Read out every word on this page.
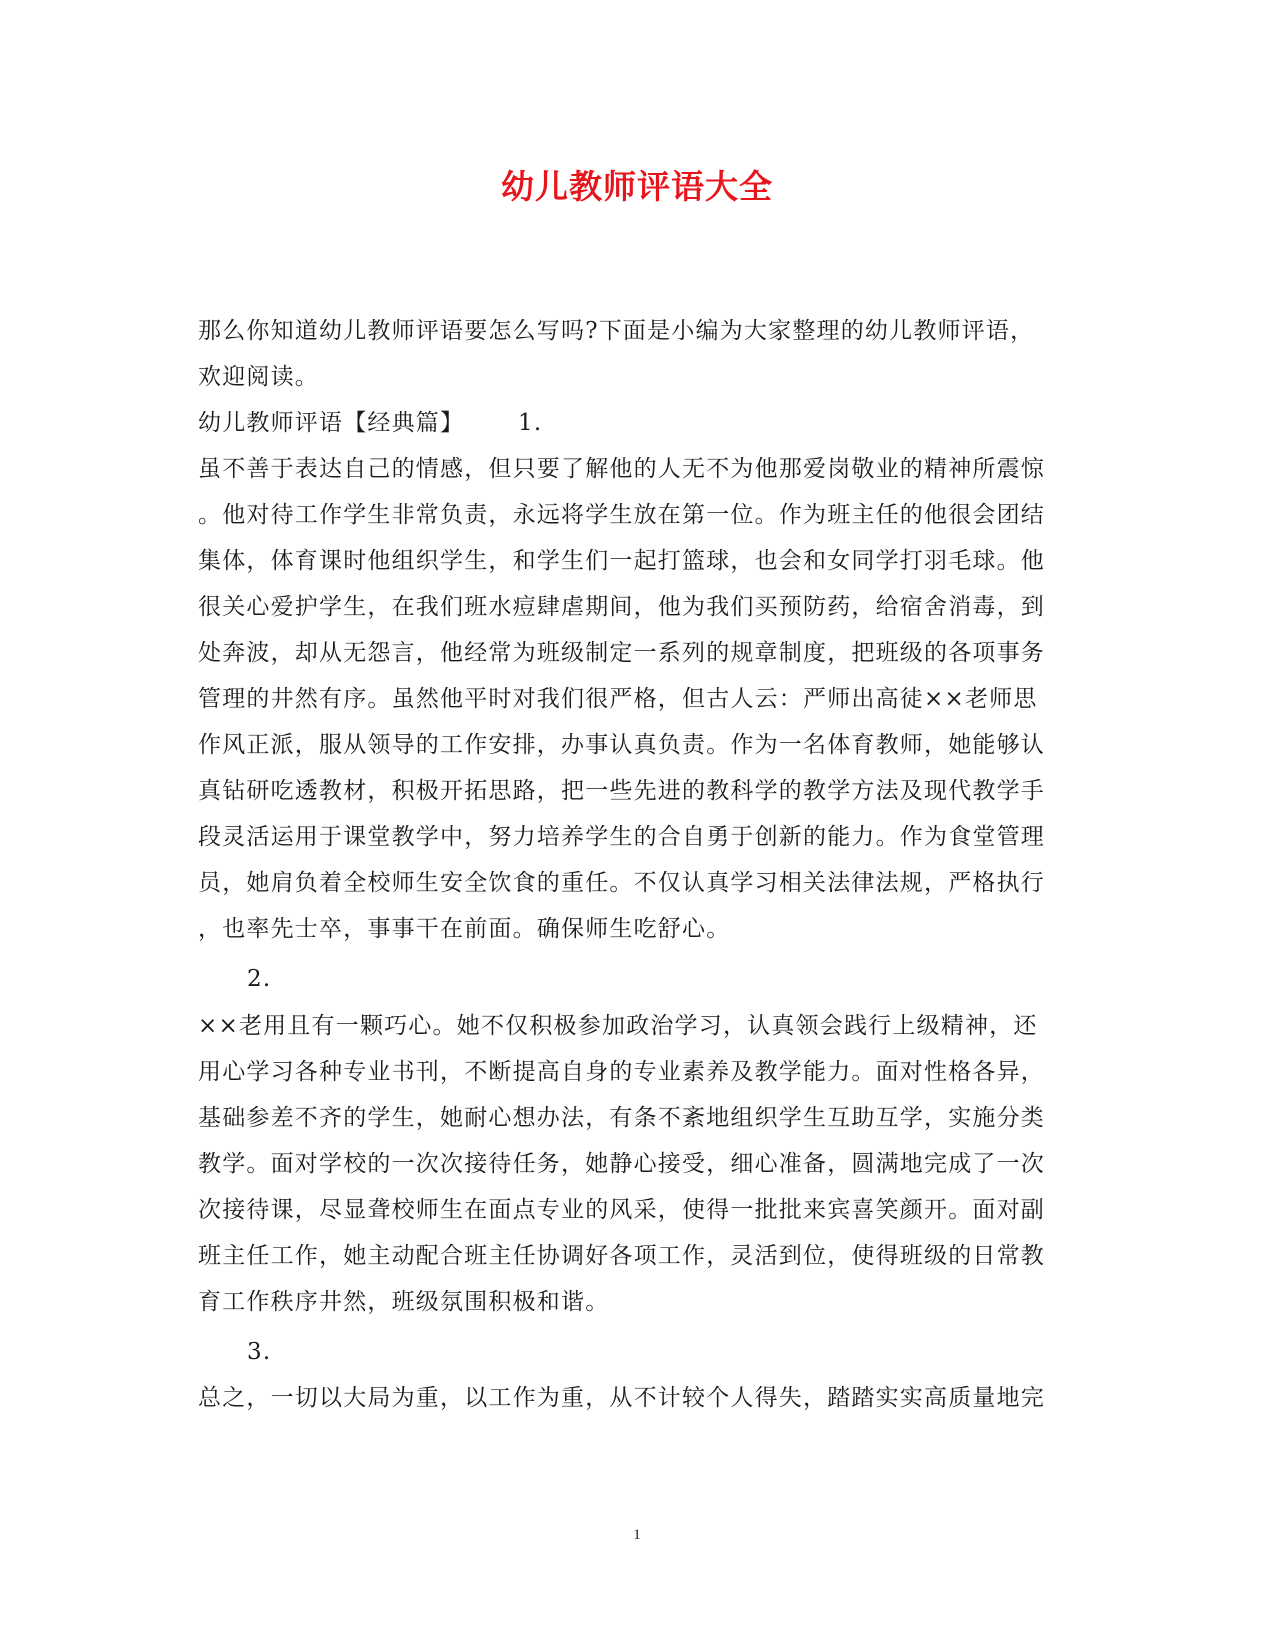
幼儿教师评语大全
那么你知道幼儿教师评语要怎么写吗?下面是小编为大家整理的幼儿教师评语，
欢迎阅读。
幼儿教师评语【经典篇】	1.
虽不善于表达自己的情感，但只要了解他的人无不为他那爱岗敬业的精神所震惊
。他对待工作学生非常负责，永远将学生放在第一位。作为班主任的他很会团结
集体，体育课时他组织学生，和学生们一起打篮球，也会和女同学打羽毛球。他
很关心爱护学生，在我们班水痘肆虐期间，他为我们买预防药，给宿舍消毒，到
处奔波，却从无怨言，他经常为班级制定一系列的规章制度，把班级的各项事务
管理的井然有序。虽然他平时对我们很严格，但古人云：严师出高徒××老师思
作风正派，服从领导的工作安排，办事认真负责。作为一名体育教师，她能够认
真钻研吃透教材，积极开拓思路，把一些先进的教科学的教学方法及现代教学手
段灵活运用于课堂教学中，努力培养学生的合自勇于创新的能力。作为食堂管理
员，她肩负着全校师生安全饮食的重任。不仅认真学习相关法律法规，严格执行
，也率先士卒，事事干在前面。确保师生吃舒心。
2.
××老用且有一颗巧心。她不仅积极参加政治学习，认真领会践行上级精神，还
用心学习各种专业书刊，不断提高自身的专业素养及教学能力。面对性格各异，
基础参差不齐的学生，她耐心想办法，有条不紊地组织学生互助互学，实施分类
教学。面对学校的一次次接待任务，她静心接受，细心准备，圆满地完成了一次
次接待课，尽显聋校师生在面点专业的风采，使得一批批来宾喜笑颜开。面对副
班主任工作，她主动配合班主任协调好各项工作，灵活到位，使得班级的日常教
育工作秩序井然，班级氛围积极和谐。
3.
总之，一切以大局为重，以工作为重，从不计较个人得失，踏踏实实高质量地完
1
